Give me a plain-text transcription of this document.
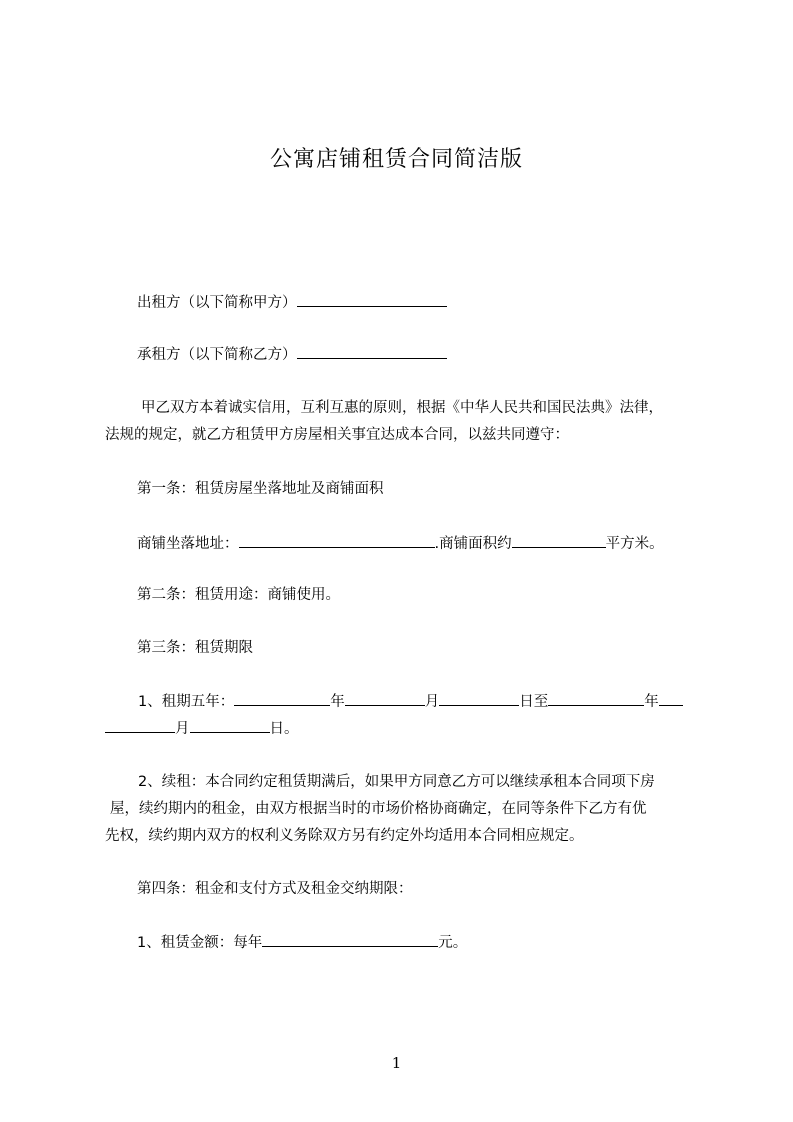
公寓店铺租赁合同简洁版
出租方（以下简称甲方）
承租方（以下简称乙方）
甲乙双方本着诚实信用，互利互惠的原则，根据《中华人民共和国民法典》法律，
法规的规定，就乙方租赁甲方房屋相关事宜达成本合同，以兹共同遵守：
第一条：租赁房屋坐落地址及商铺面积
商铺坐落地址：	.商铺面积约	平方米。
第二条：租赁用途：商铺使用。
第三条：租赁期限
1、租期五年：	年	月	日至	年
月	日。
2、续租：本合同约定租赁期满后，如果甲方同意乙方可以继续承租本合同项下房
屋，续约期内的租金，由双方根据当时的市场价格协商确定，在同等条件下乙方有优
先权，续约期内双方的权利义务除双方另有约定外均适用本合同相应规定。
第四条：租金和支付方式及租金交纳期限：
1、租赁金额：每年	元。
1
